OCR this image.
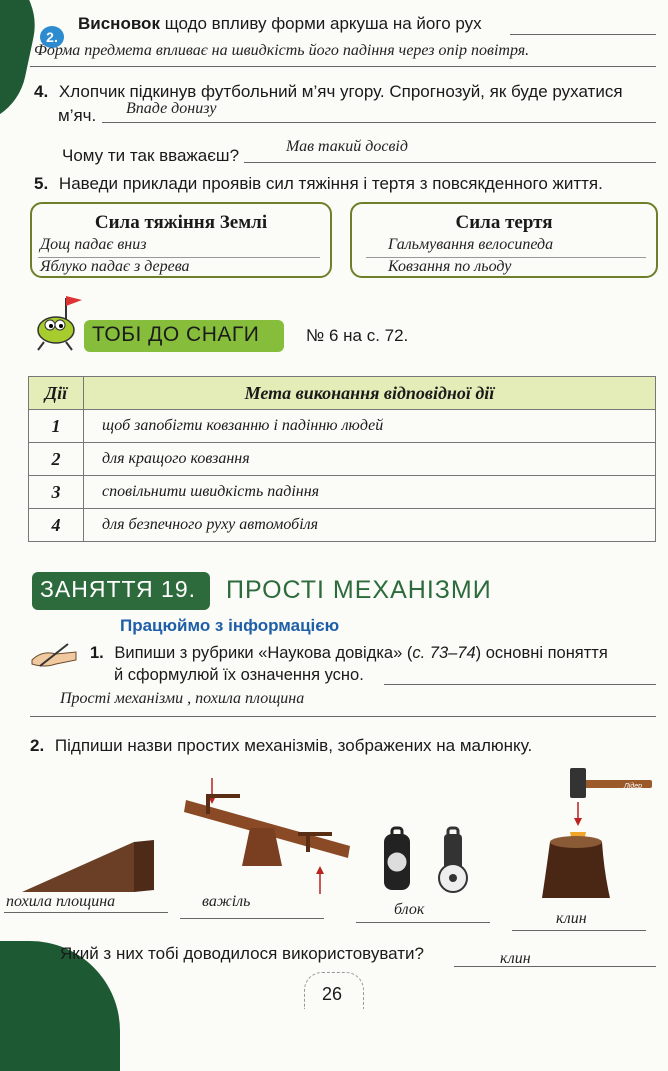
2.
Висновок щодо впливу форми аркуша на його рух
Форма предмета впливає на швидкість його падіння через опір повітря.
4. Хлопчик підкинув футбольний м’яч угору. Спрогнозуй, як буде рухатися
м’яч. Впаде донизу
Чому ти так вважаєш?	Мав такий досвід
5. Наведи приклади проявів сил тяжіння і тертя з повсякденного життя.
Сила тяжіння Землі
Дощ падає вниз
Яблуко падає з дерева
Сила тертя
Гальмування велосипеда
Ковзання по льоду
ТОБІ ДО СНАГИ	№ 6 на с. 72.
Дії	Мета виконання відповідної дії
1	щоб запобігти ковзанню і падінню людей
2	для кращого ковзання
3	сповільнити швидкість падіння
4	для безпечного руху автомобіля
ЗАНЯТТЯ 19. ПРОСТІ МЕХАНІЗМИ
Працюймо з інформацією
1. Випиши з рубрики «Наукова довідка» (с. 73–74) основні поняття
й сформулюй їх означення усно.
Прості механізми , похила площина
2. Підпиши назви простих механізмів, зображених на малюнку.
похила площина	важіль	блок
Лідер
клин
Який з них тобі доводилося використовувати?	клин
26
